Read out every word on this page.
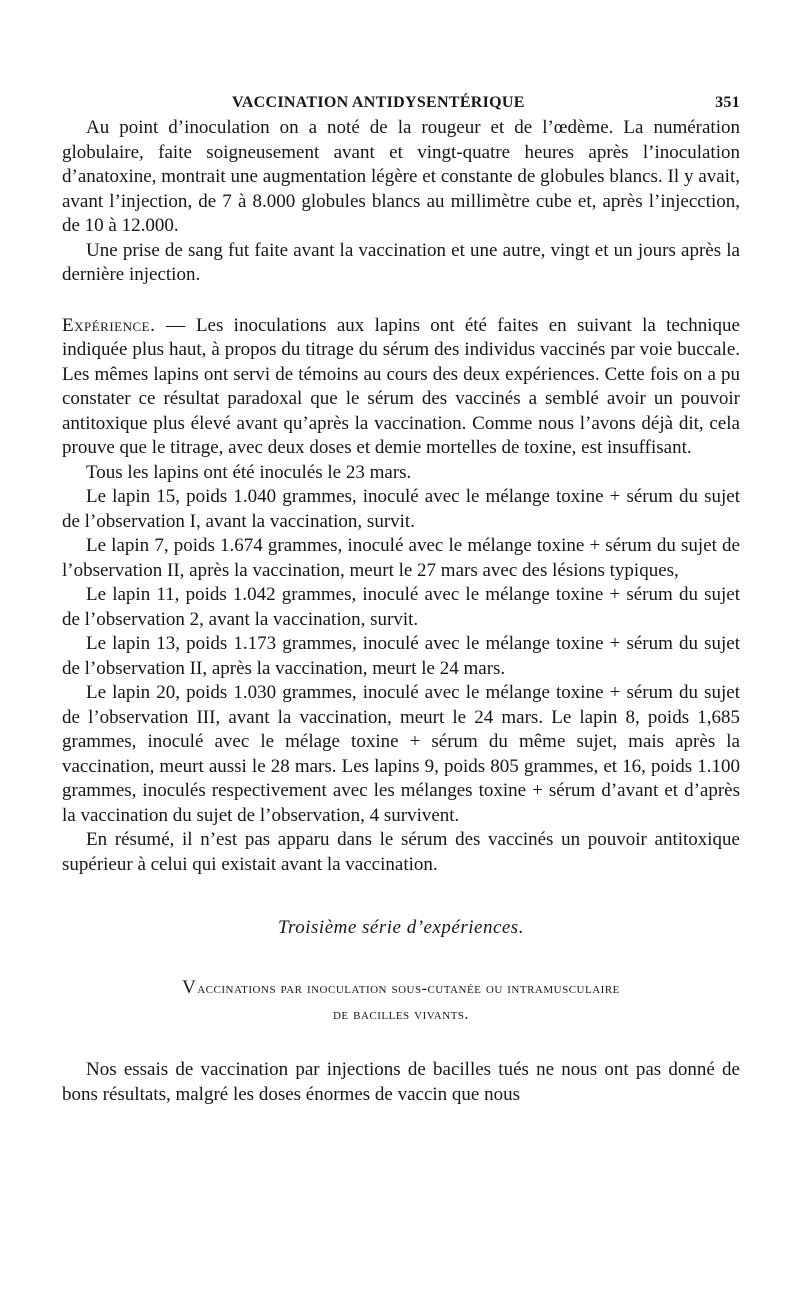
VACCINATION ANTIDYSENTÉRIQUE	351

Au point d’inoculation on a noté de la rougeur et de l’œdème. La numération globulaire, faite soigneusement avant et vingt-quatre heures après l’inoculation d’anatoxine, montrait une augmentation légère et constante de globules blancs. Il y avait, avant l’injection, de 7 à 8.000 globules blancs au millimètre cube et, après l’injecction, de 10 à 12.000.

Une prise de sang fut faite avant la vaccination et une autre, vingt et un jours après la dernière injection.

Expérience. — Les inoculations aux lapins ont été faites en suivant la technique indiquée plus haut, à propos du titrage du sérum des individus vaccinés par voie buccale. Les mêmes lapins ont servi de témoins au cours des deux expériences. Cette fois on a pu constater ce résultat paradoxal que le sérum des vaccinés a semblé avoir un pouvoir antitoxique plus élevé avant qu’après la vaccination. Comme nous l’avons déjà dit, cela prouve que le titrage, avec deux doses et demie mortelles de toxine, est insuffisant.

Tous les lapins ont été inoculés le 23 mars.

Le lapin 15, poids 1.040 grammes, inoculé avec le mélange toxine + sérum du sujet de l’observation I, avant la vaccination, survit.

Le lapin 7, poids 1.674 grammes, inoculé avec le mélange toxine + sérum du sujet de l’observation II, après la vaccination, meurt le 27 mars avec des lésions typiques,

Le lapin 11, poids 1.042 grammes, inoculé avec le mélange toxine + sérum du sujet de l’observation 2, avant la vaccination, survit.

Le lapin 13, poids 1.173 grammes, inoculé avec le mélange toxine + sérum du sujet de l’observation II, après la vaccination, meurt le 24 mars.

Le lapin 20, poids 1.030 grammes, inoculé avec le mélange toxine + sérum du sujet de l’observation III, avant la vaccination, meurt le 24 mars. Le lapin 8, poids 1,685 grammes, inoculé avec le mélage toxine + sérum du même sujet, mais après la vaccination, meurt aussi le 28 mars. Les lapins 9, poids 805 grammes, et 16, poids 1.100 grammes, inoculés respectivement avec les mélanges toxine + sérum d’avant et d’après la vaccination du sujet de l’observation, 4 survivent.

En résumé, il n’est pas apparu dans le sérum des vaccinés un pouvoir antitoxique supérieur à celui qui existait avant la vaccination.

Troisième série d’expériences.
Vaccinations par inoculation sous-cutanée ou intramusculaire
de bacilles vivants.

Nos essais de vaccination par injections de bacilles tués ne nous ont pas donné de bons résultats, malgré les doses énormes de vaccin que nous
